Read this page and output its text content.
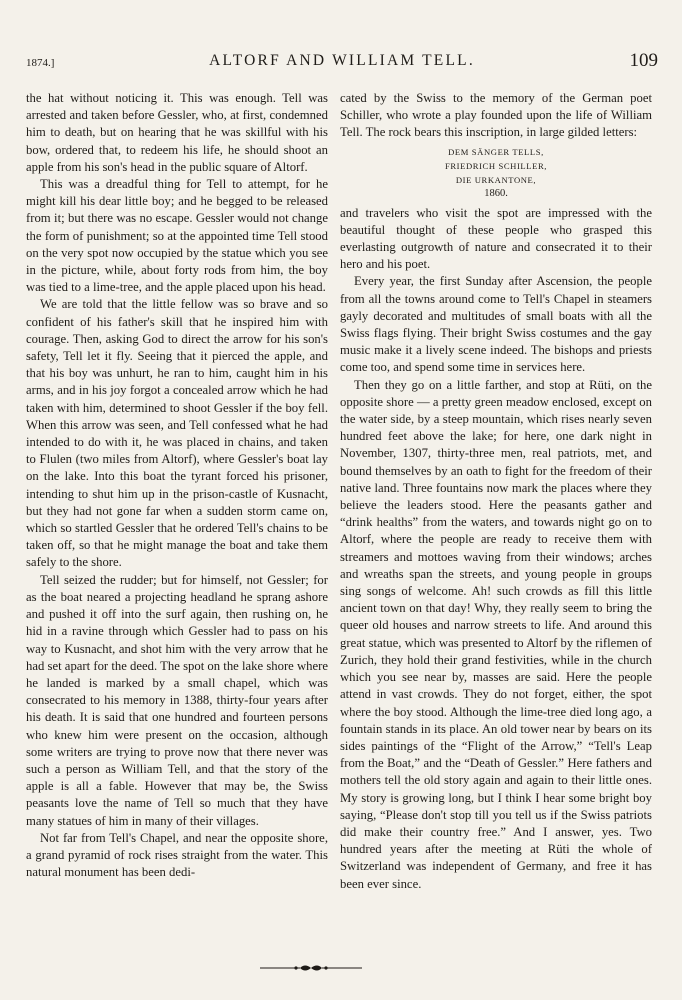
1874.]	ALTORF AND WILLIAM TELL.	109

the hat without noticing it. This was enough. Tell was arrested and taken before Gessler, who, at first, condemned him to death, but on hearing that he was skillful with his bow, ordered that, to redeem his life, he should shoot an apple from his son's head in the public square of Altorf.

This was a dreadful thing for Tell to attempt, for he might kill his dear little boy; and he begged to be released from it; but there was no escape. Gessler would not change the form of punishment; so at the appointed time Tell stood on the very spot now occupied by the statue which you see in the picture, while, about forty rods from him, the boy was tied to a lime-tree, and the apple placed upon his head.

We are told that the little fellow was so brave and so confident of his father's skill that he inspired him with courage. Then, asking God to direct the arrow for his son's safety, Tell let it fly. Seeing that it pierced the apple, and that his boy was unhurt, he ran to him, caught him in his arms, and in his joy forgot a concealed arrow which he had taken with him, determined to shoot Gessler if the boy fell. When this arrow was seen, and Tell confessed what he had intended to do with it, he was placed in chains, and taken to Flulen (two miles from Altorf), where Gessler's boat lay on the lake. Into this boat the tyrant forced his prisoner, intending to shut him up in the prison-castle of Kusnacht, but they had not gone far when a sudden storm came on, which so startled Gessler that he ordered Tell's chains to be taken off, so that he might manage the boat and take them safely to the shore.

Tell seized the rudder; but for himself, not Gessler; for as the boat neared a projecting headland he sprang ashore and pushed it off into the surf again, then rushing on, he hid in a ravine through which Gessler had to pass on his way to Kusnacht, and shot him with the very arrow that he had set apart for the deed. The spot on the lake shore where he landed is marked by a small chapel, which was consecrated to his memory in 1388, thirty-four years after his death. It is said that one hundred and fourteen persons who knew him were present on the occasion, although some writers are trying to prove now that there never was such a person as William Tell, and that the story of the apple is all a fable. However that may be, the Swiss peasants love the name of Tell so much that they have many statues of him in many of their villages.

Not far from Tell's Chapel, and near the opposite shore, a grand pyramid of rock rises straight from the water. This natural monument has been dedi-

cated by the Swiss to the memory of the German poet Schiller, who wrote a play founded upon the life of William Tell. The rock bears this inscription, in large gilded letters:

DEM SÄNGER TELLS,
FRIEDRICH SCHILLER,
DIE URKANTONE,
1860.

and travelers who visit the spot are impressed with the beautiful thought of these people who grasped this everlasting outgrowth of nature and consecrated it to their hero and his poet.

Every year, the first Sunday after Ascension, the people from all the towns around come to Tell's Chapel in steamers gayly decorated and multitudes of small boats with all the Swiss flags flying. Their bright Swiss costumes and the gay music make it a lively scene indeed. The bishops and priests come too, and spend some time in services here.

Then they go on a little farther, and stop at Rüti, on the opposite shore — a pretty green meadow enclosed, except on the water side, by a steep mountain, which rises nearly seven hundred feet above the lake; for here, one dark night in November, 1307, thirty-three men, real patriots, met, and bound themselves by an oath to fight for the freedom of their native land. Three fountains now mark the places where they believe the leaders stood. Here the peasants gather and “drink healths” from the waters, and towards night go on to Altorf, where the people are ready to receive them with streamers and mottoes waving from their windows; arches and wreaths span the streets, and young people in groups sing songs of welcome. Ah! such crowds as fill this little ancient town on that day! Why, they really seem to bring the queer old houses and narrow streets to life. And around this great statue, which was presented to Altorf by the riflemen of Zurich, they hold their grand festivities, while in the church which you see near by, masses are said. Here the people attend in vast crowds. They do not forget, either, the spot where the boy stood. Although the lime-tree died long ago, a fountain stands in its place. An old tower near by bears on its sides paintings of the “Flight of the Arrow,” “Tell's Leap from the Boat,” and the “Death of Gessler.” Here fathers and mothers tell the old story again and again to their little ones. My story is growing long, but I think I hear some bright boy saying, “Please don't stop till you tell us if the Swiss patriots did make their country free.” And I answer, yes. Two hundred years after the meeting at Rüti the whole of Switzerland was independent of Germany, and free it has been ever since.
